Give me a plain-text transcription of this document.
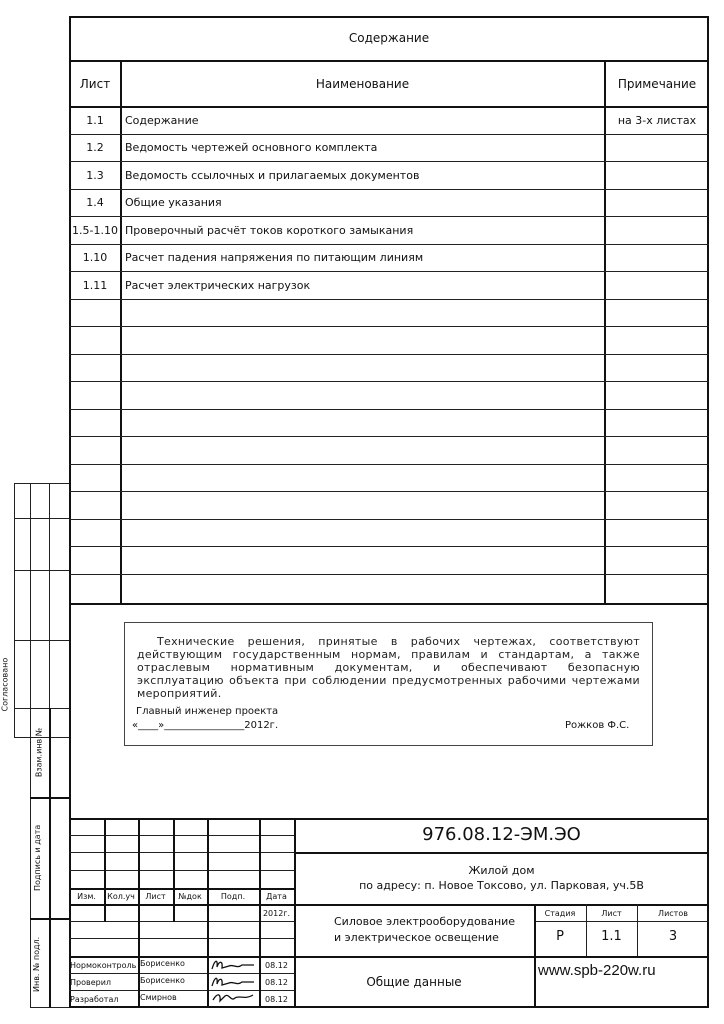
Содержание
Лист	Наименование	Примечание
1.1	Содержание	на 3-х листах
1.2	Ведомость чертежей основного комплекта
1.3	Ведомость ссылочных и прилагаемых документов
1.4	Общие указания
1.5-1.10 Проверочный расчёт токов короткого замыкания
1.10	Расчет падения напряжения по питающим линиям
1.11	Расчет электрических нагрузок

Технические решения, принятые в рабочих чертежах, соответствуют действующим государственным нормам, правилам и стандартам, а также отраслевым нормативным документам, и обеспечивают безопасную эксплуатацию объекта при соблюдении предусмотренных рабочими чертежами мероприятий.

Главный инженер проекта
«____»________________2012г.	Рожков Ф.С.
Согласовано
Взам.инв.№
Подпись и дата
Инв. № подл.
976.08.12-ЭМ.ЭО
Жилой дом
по адресу: п. Новое Токсово, ул. Парковая, уч.5В
Изм.	Кол.уч	Лист	№док	Подп.	Дата
2012г.
Силовое электрооборудование
и электрическое освещение
Стадия	Лист	Листов
Р	1.1	3
Общие данные
Нормоконтроль Борисенко	08.12
Проверил	Борисенко	08.12
Разработал	Смирнов	08.12
www.spb-220w.ru
